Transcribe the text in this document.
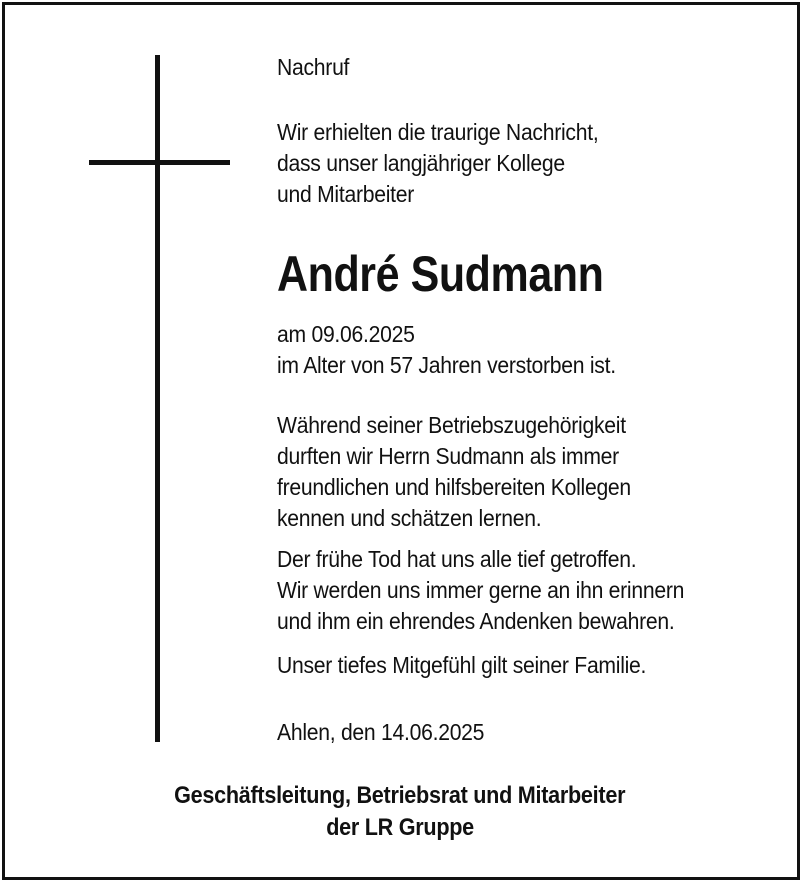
Nachruf

Wir erhielten die traurige Nachricht,
dass unser langjähriger Kollege
und Mitarbeiter

André Sudmann

am 09.06.2025
im Alter von 57 Jahren verstorben ist.

Während seiner Betriebszugehörigkeit
durften wir Herrn Sudmann als immer
freundlichen und hilfsbereiten Kollegen
kennen und schätzen lernen.

Der frühe Tod hat uns alle tief getroffen.
Wir werden uns immer gerne an ihn erinnern
und ihm ein ehrendes Andenken bewahren.

Unser tiefes Mitgefühl gilt seiner Familie.

Ahlen, den 14.06.2025

Geschäftsleitung, Betriebsrat und Mitarbeiter
der LR Gruppe
